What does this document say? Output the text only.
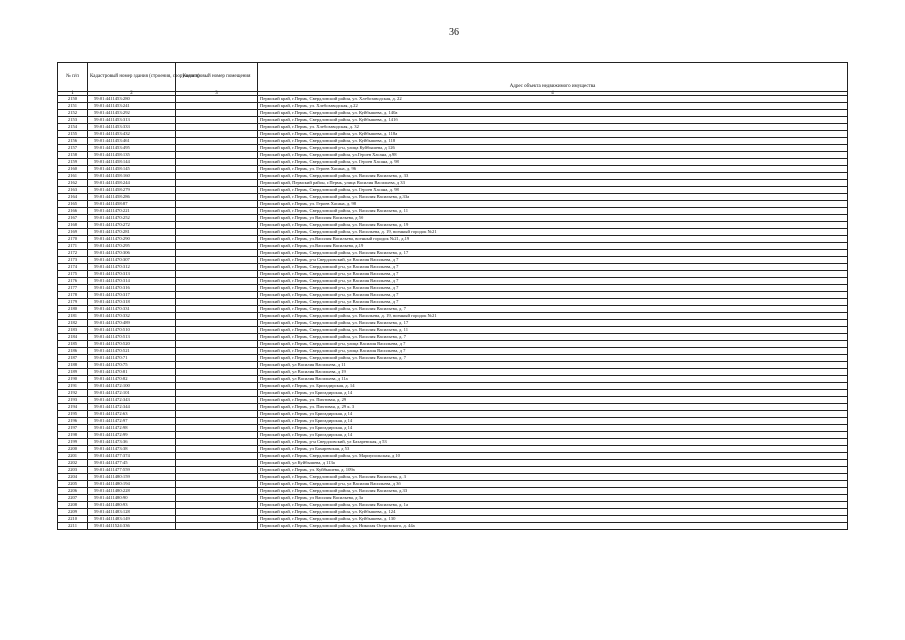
36
№ п/п	Кадастровый номер здания (строения, сооружения)	Кадастровый номер помещения	Адрес объекта недвижимого имущества
1	2	3	4
2150	59:01:4411453:280		Пермский край, г.Пермь, Свердловский район, ул. Хлебозаводская, д. 22
2151	59:01:4411453:241		Пермский край, г.Пермь, ул. Хлебозаводская, д.22
2152	59:01:4411453:292		Пермский край, г.Пермь, Свердловский район, ул. Куйбышева, д. 140а
2153	59:01:4411453:313		Пермский край, г.Пермь, Свердловский район, ул. Куйбышева, д. 141б
2154	59:01:4411453:333		Пермский край, г.Пермь, ул. Хлебозаводская, д. 32
2155	59:01:4411453:432		Пермский край, г.Пермь, Свердловский район, ул. Куйбышева, д. 118а
2156	59:01:4411453:461		Пермский край, г.Пермь, Свердловский район, ул. Куйбышева, д. 118
2157	59:01:4411453:495		Пермский край, г.Пермь, Свердловский р-н, улица Куйбышева, д 126
2158	59:01:4411458:135		Пермский край, г.Пермь, Свердловский район, ул.Героев Хасана, д.98
2159	59:01:4411458:144		Пермский край, г.Пермь, Свердловский район, ул. Героев Хасана, д. 98
2160	59:01:4411458:145		Пермский край, г.Пермь, ул. Героев Хасана, д. 96
2161	59:01:4411458:160		Пермский край, г.Пермь, Свердловский район, ул. Василия Васильева, д. 33
2162	59:01:4411458:244		Пермский край, Пермский район, г.Пермь, улица Василия Васильева, д 33
2163	59:01:4411458:279		Пермский край, г.Пермь, Свердловский район, ул. Героев Хасана, д. 98
2164	59:01:4411458:286		Пермский край, г.Пермь, Свердловский район, ул. Василия Васильева, д.33а
2165	59:01:4411458:87		Пермский край, г.Пермь, ул. Героев Хасана, д. 98
2166	59:01:4411470:221		Пермский край, г.Пермь, Свердловский район, ул. Василия Васильева, д. 11
2167	59:01:4411470:252		Пермский край, г.Пермь, ул Василия Васильева, д 5б
2168	59:01:4411470:272		Пермский край, г.Пермь, Свердловский район, ул. Василия Васильева, д. 19
2169	59:01:4411470:281		Пермский край, г.Пермь, Свердловский район, ул. Васильева, д. 19, военный городок №21
2170	59:01:4411470:290		Пермский край, г.Пермь, ул.Василия Васильева, военный городок №21, д.19
2171	59:01:4411470:295		Пермский край, г.Пермь, ул.Василия Васильева, д.19
2172	59:01:4411470:306		Пермский край, г.Пермь, Свердловский район, ул. Василия Васильева, д. 17
2173	59:01:4411470:307		Пермский край, г.Пермь, р-н Свердловский, ул Василия Васильева, д 7
2174	59:01:4411470:312		Пермский край, г.Пермь, Свердловский р-н, ул Василия Васильева, д 7
2175	59:01:4411470:313		Пермский край, г.Пермь, Свердловский р-н, ул Василия Васильева, д 7
2176	59:01:4411470:314		Пермский край, г.Пермь, Свердловский р-н, ул Василия Васильева, д 7
2177	59:01:4411470:316		Пермский край, г.Пермь, Свердловский р-н, ул Василия Васильева, д 7
2178	59:01:4411470:317		Пермский край, г.Пермь, Свердловский р-н, ул Василия Васильева, д 7
2179	59:01:4411470:318		Пермский край, г.Пермь, Свердловский р-н, ул Василия Васильева, д 7
2180	59:01:4411470:331		Пермский край, г.Пермь, Свердловский район, ул. Василия Васильева, д. 7
2181	59:01:4411470:332		Пермский край, г.Пермь, Свердловский район, ул. Васильева, д. 19, военный городок №21
2182	59:01:4411470:489		Пермский край, г.Пермь, Свердловский район, ул. Василия Васильева, д. 17
2183	59:01:4411470:510		Пермский край, г.Пермь, Свердловский район, ул. Василия Васильева, д. 11
2184	59:01:4411470:513		Пермский край, г.Пермь, Свердловский район, ул. Василия Васильева, д. 7
2185	59:01:4411470:520		Пермский край, г.Пермь, Свердловский р-н, улица Василия Васильева, д 7
2186	59:01:4411470:521		Пермский край, г.Пермь, Свердловский р-н, улица Василия Васильева, д 7
2187	59:01:4411470:71		Пермский край, г.Пермь, Свердловский район, ул. Василия Васильева, д. 7
2188	59:01:4411470:75		Пермский край, ул Василия Васильева, д 11
2189	59:01:4411470:81		Пермский край, ул Василия Васильева, д 19
2190	59:01:4411470:82		Пермский край, ул Василия Васильева, д 11а
2191	59:01:4411472:100		Пермский край, г.Пермь, ул. Бригадирская, д. 14
2192	59:01:4411472:101		Пермский край, г.Пермь, ул Бригадирская, д 14
2193	59:01:4411472:343		Пермский край, г.Пермь, ул. Пихтовая, д. 29
2194	59:01:4411472:344		Пермский край, г.Пермь, ул. Пихтовая, д. 29 к. 3
2195	59:01:4411472:63		Пермский край, г.Пермь, ул Бригадирская, д 14
2196	59:01:4411472:97		Пермский край, г.Пермь, ул Бригадирская, д 14
2197	59:01:4411472:98		Пермский край, г.Пермь, ул Бригадирская, д 14
2198	59:01:4411472:99		Пермский край, г.Пермь, ул Бригадирская, д 14
2199	59:01:4411473:36		Пермский край, г.Пермь, р-н Свердловский, ул Бахаревская, д 53
2200	59:01:4411473:38		Пермский край, г.Пермь, ул Бахаревская, д 53
2201	59:01:4411477:374		Пермский край, г.Пермь, Свердловский район, ул. Мариупольская, д 10
2202	59:01:4411477:45		Пермский край, ул Куйбышева, д 113а
2203	59:01:4411477:559		Пермский край, г.Пермь, ул. Куйбышева, д. 109а
2204	59:01:4411480:159		Пермский край, г.Пермь, Свердловский район, ул. Василия Васильева, д. 3
2205	59:01:4411480:194		Пермский край, г.Пермь, Свердловский р-н, ул Василия Васильева, д 3б
2206	59:01:4411480:228		Пермский край, г.Пермь, Свердловский район, ул. Василия Васильева, д.33
2207	59:01:4411480:90		Пермский край, г.Пермь, ул Василия Васильева, д 3а
2208	59:01:4411480:93		Пермский край, г.Пермь, Свердловский район, ул. Василия Васильева, д. 1а
2209	59:01:4411483:128		Пермский край, г.Пермь, Свердловский район, ул. Куйбышева, д. 124
2210	59:01:4411483:149		Пермский край, г.Пермь, Свердловский район, ул. Куйбышева, д. 130
2211	59:01:4411524:336		Пермский край, г.Пермь, Свердловский район, ул. Николая Островского, д. 44а
